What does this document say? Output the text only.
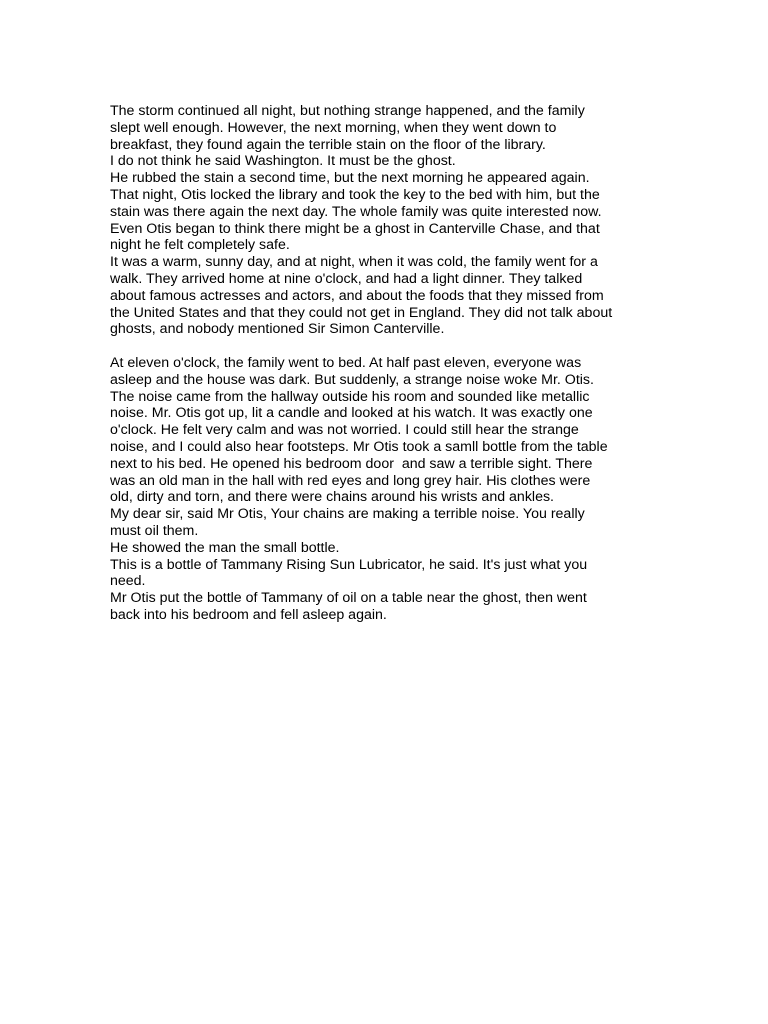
The storm continued all night, but nothing strange happened, and the family
slept well enough. However, the next morning, when they went down to
breakfast, they found again the terrible stain on the floor of the library.
I do not think he said Washington. It must be the ghost.
He rubbed the stain a second time, but the next morning he appeared again.
That night, Otis locked the library and took the key to the bed with him, but the
stain was there again the next day. The whole family was quite interested now.
Even Otis began to think there might be a ghost in Canterville Chase, and that
night he felt completely safe.
It was a warm, sunny day, and at night, when it was cold, the family went for a
walk. They arrived home at nine o'clock, and had a light dinner. They talked
about famous actresses and actors, and about the foods that they missed from
the United States and that they could not get in England. They did not talk about
ghosts, and nobody mentioned Sir Simon Canterville.
At eleven o'clock, the family went to bed. At half past eleven, everyone was
asleep and the house was dark. But suddenly, a strange noise woke Mr. Otis.
The noise came from the hallway outside his room and sounded like metallic
noise. Mr. Otis got up, lit a candle and looked at his watch. It was exactly one
o'clock. He felt very calm and was not worried. I could still hear the strange
noise, and I could also hear footsteps. Mr Otis took a samll bottle from the table
next to his bed. He opened his bedroom door  and saw a terrible sight. There
was an old man in the hall with red eyes and long grey hair. His clothes were
old, dirty and torn, and there were chains around his wrists and ankles.
My dear sir, said Mr Otis, Your chains are making a terrible noise. You really
must oil them.
He showed the man the small bottle.
This is a bottle of Tammany Rising Sun Lubricator, he said. It's just what you
need.
Mr Otis put the bottle of Tammany of oil on a table near the ghost, then went
back into his bedroom and fell asleep again.
